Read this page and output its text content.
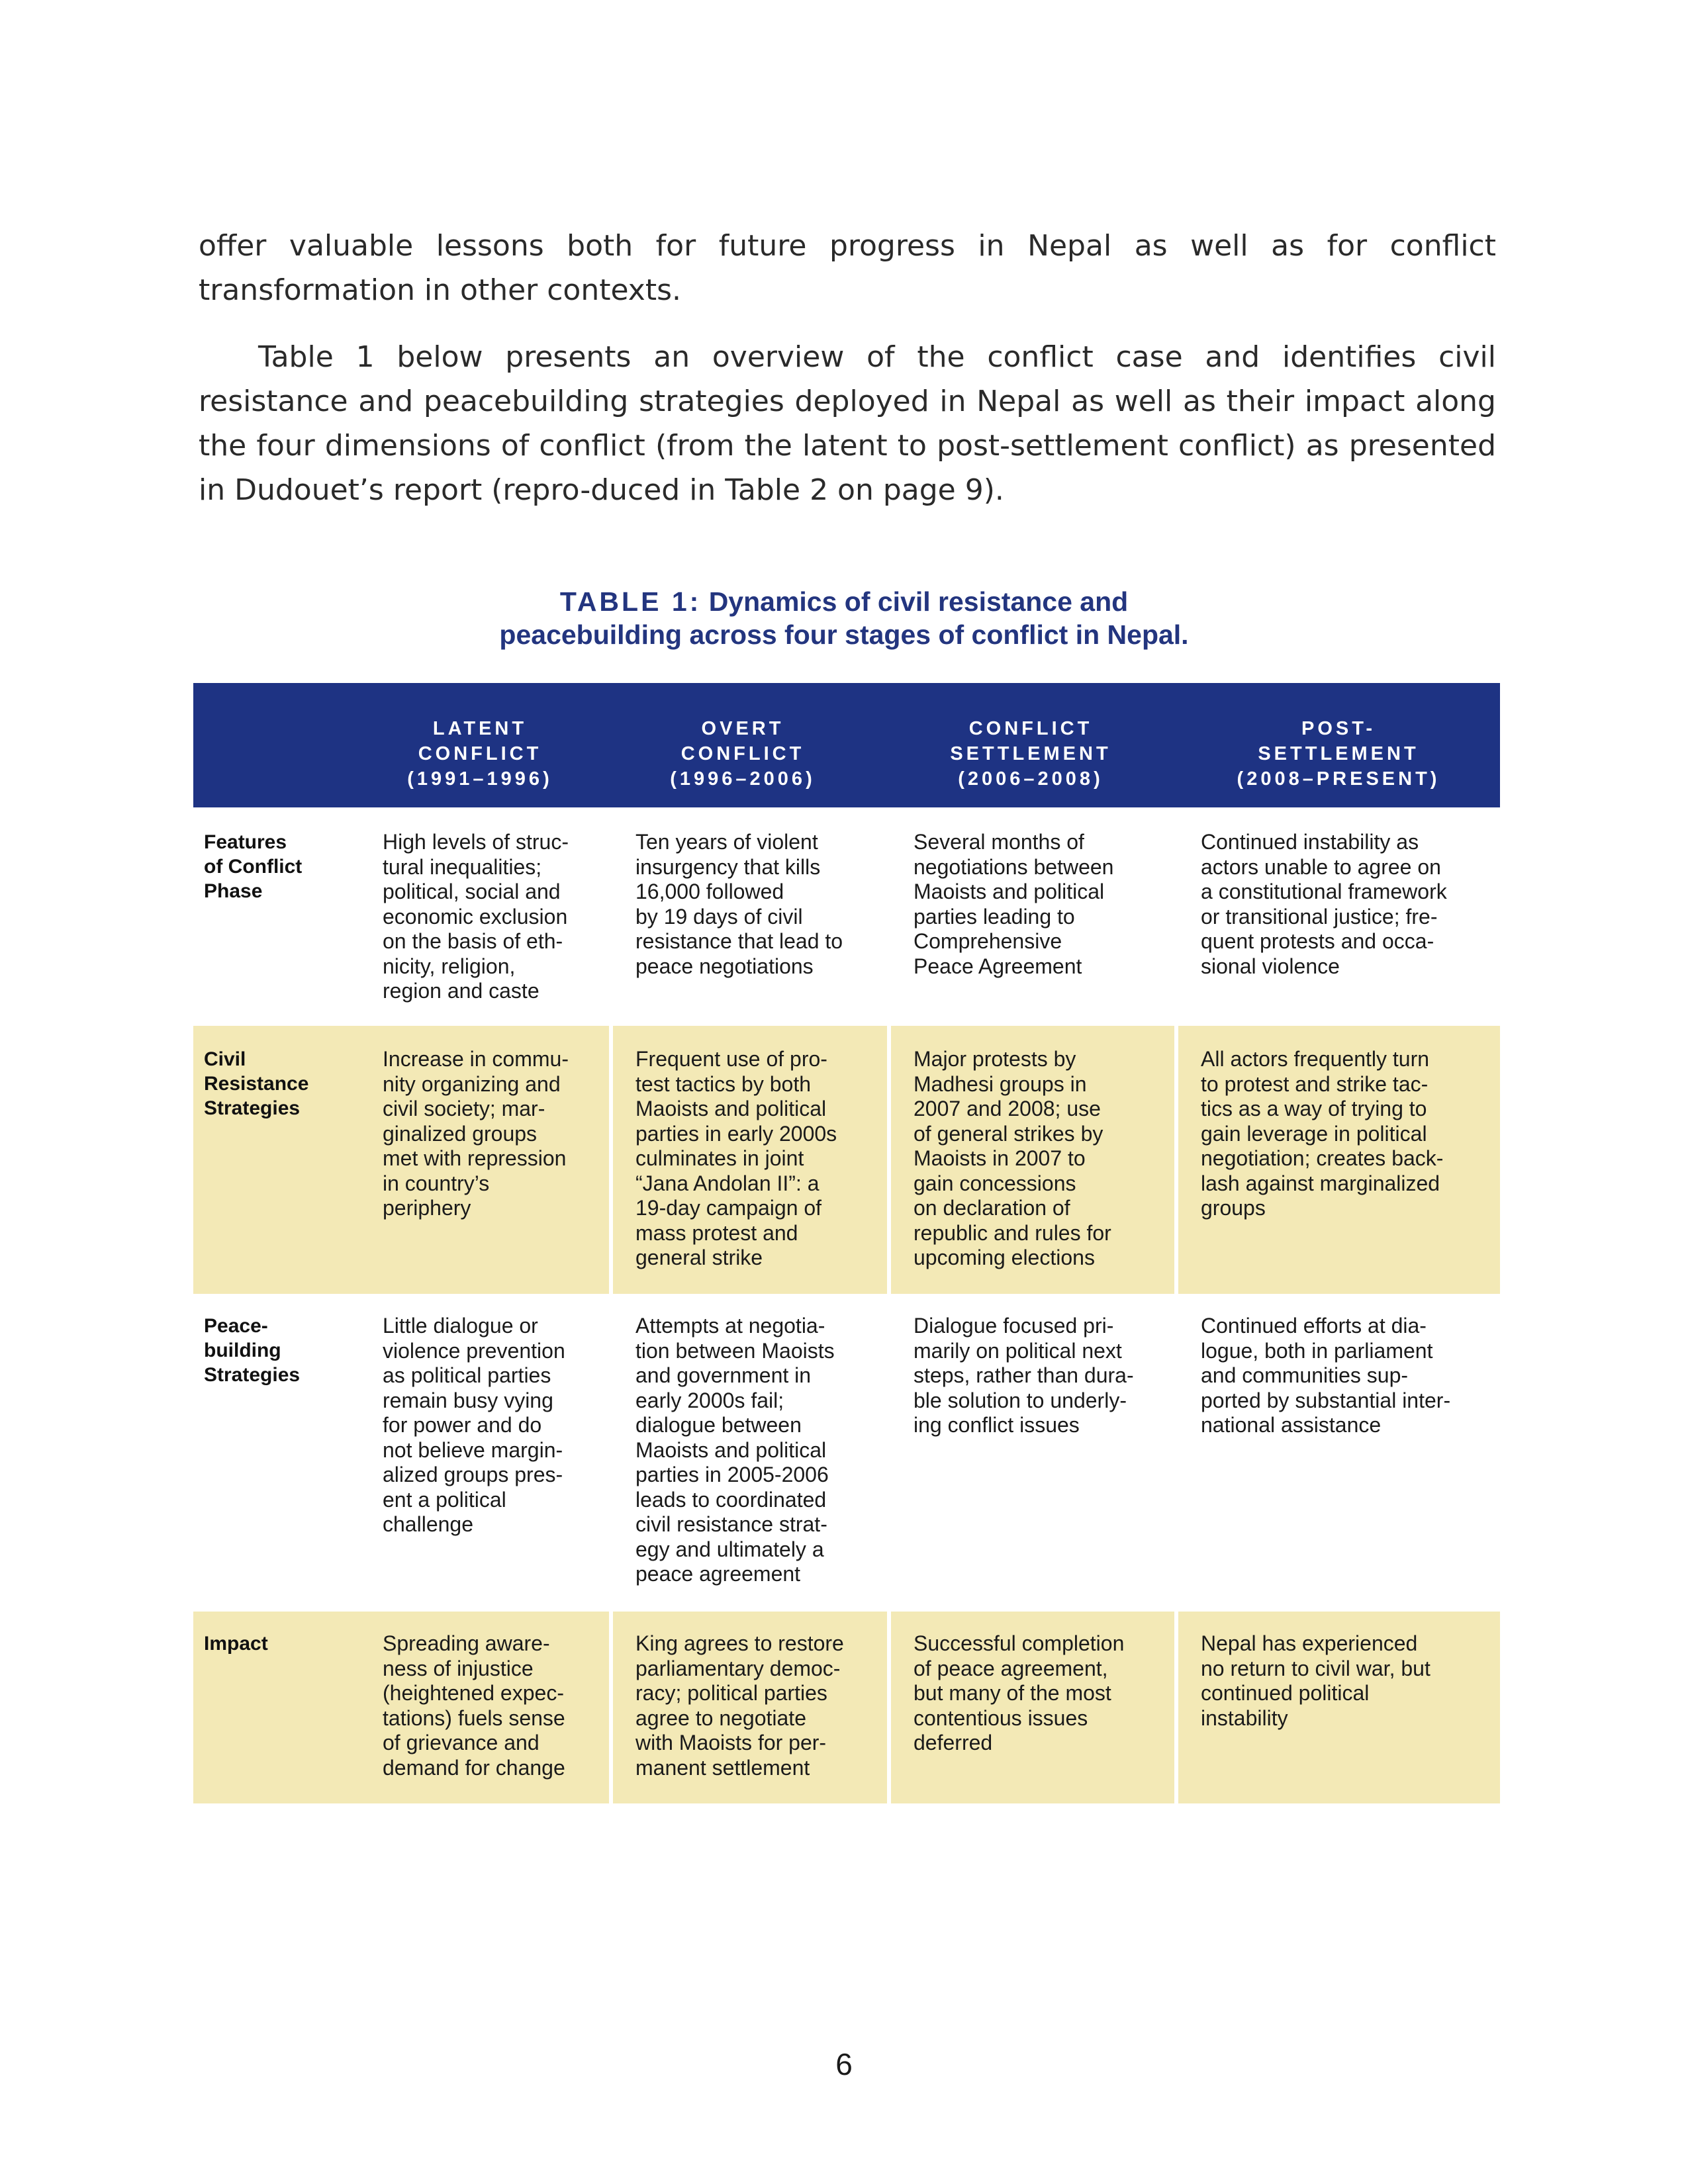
offer valuable lessons both for future progress in Nepal as well as for conflict transformation in other contexts.

Table 1 below presents an overview of the conflict case and identifies civil resistance and peacebuilding strategies deployed in Nepal as well as their impact along the four dimensions of conflict (from the latent to post-settlement conflict) as presented in Dudouet’s report (repro-duced in Table 2 on page 9).

TABLE 1: Dynamics of civil resistance and
peacebuilding across four stages of conflict in Nepal.
LATENT
CONFLICT
(1991–1996)
OVERT
CONFLICT
(1996–2006)
CONFLICT
SETTLEMENT
(2006–2008)
POST-
SETTLEMENT
(2008–PRESENT)
Features
of Conflict
Phase
High levels of struc-
tural inequalities;
political, social and
economic exclusion
on the basis of eth-
nicity, religion,
region and caste
Ten years of violent
insurgency that kills
16,000 followed
by 19 days of civil
resistance that lead to
peace negotiations
Several months of
negotiations between
Maoists and political
parties leading to
Comprehensive
Peace Agreement
Continued instability as
actors unable to agree on
a constitutional framework
or transitional justice; fre-
quent protests and occa-
sional violence
Civil
Resistance
Strategies
Increase in commu-
nity organizing and
civil society; mar-
ginalized groups
met with repression
in country’s
periphery
Frequent use of pro-
test tactics by both
Maoists and political
parties in early 2000s
culminates in joint
“Jana Andolan II”: a
19-day campaign of
mass protest and
general strike
Major protests by
Madhesi groups in
2007 and 2008; use
of general strikes by
Maoists in 2007 to
gain concessions
on declaration of
republic and rules for
upcoming elections
All actors frequently turn
to protest and strike tac-
tics as a way of trying to
gain leverage in political
negotiation; creates back-
lash against marginalized
groups
Peace-
building
Strategies
Little dialogue or
violence prevention
as political parties
remain busy vying
for power and do
not believe margin-
alized groups pres-
ent a political
challenge
Attempts at negotia-
tion between Maoists
and government in
early 2000s fail;
dialogue between
Maoists and political
parties in 2005-2006
leads to coordinated
civil resistance strat-
egy and ultimately a
peace agreement
Dialogue focused pri-
marily on political next
steps, rather than dura-
ble solution to underly-
ing conflict issues
Continued efforts at dia-
logue, both in parliament
and communities sup-
ported by substantial inter-
national assistance
Impact	Spreading aware-
ness of injustice
(heightened expec-
tations) fuels sense
of grievance and
demand for change
King agrees to restore
parliamentary democ-
racy; political parties
agree to negotiate
with Maoists for per-
manent settlement
Successful completion
of peace agreement,
but many of the most
contentious issues
deferred
Nepal has experienced
no return to civil war, but
continued political
instability
6
